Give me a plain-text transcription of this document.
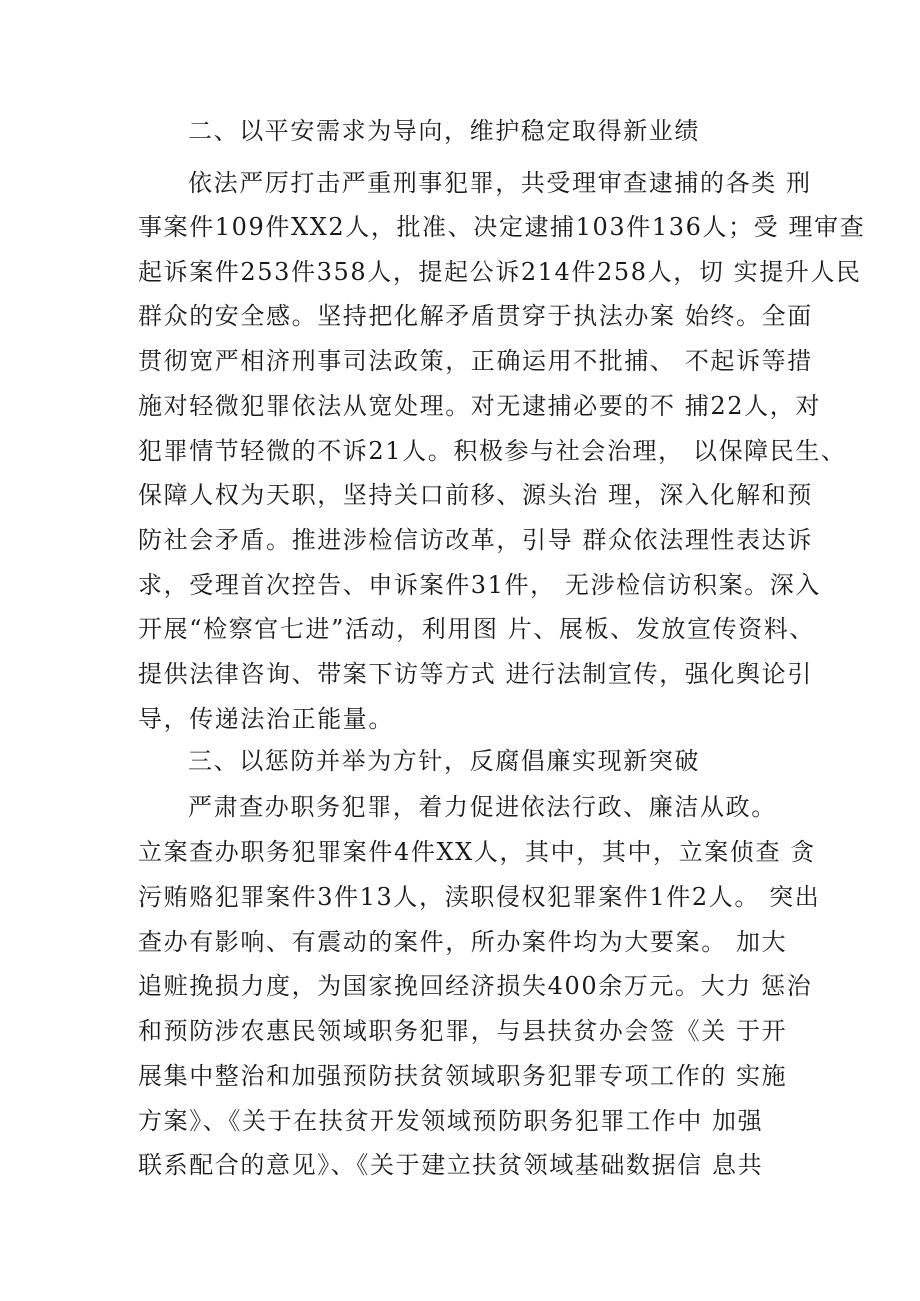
二、以平安需求为导向，维护稳定取得新业绩
依法严厉打击严重刑事犯罪，共受理审查逮捕的各类 刑
事案件109件XX2人，批准、决定逮捕103件136人；受 理审查
起诉案件253件358人，提起公诉214件258人，切 实提升人民
群众的安全感。坚持把化解矛盾贯穿于执法办案 始终。全面
贯彻宽严相济刑事司法政策，正确运用不批捕、 不起诉等措
施对轻微犯罪依法从宽处理。对无逮捕必要的不 捕22人，对
犯罪情节轻微的不诉21人。积极参与社会治理， 以保障民生、
保障人权为天职，坚持关口前移、源头治 理，深入化解和预
防社会矛盾。推进涉检信访改革，引导 群众依法理性表达诉
求，受理首次控告、申诉案件31件， 无涉检信访积案。深入
开展“检察官七进”活动，利用图 片、展板、发放宣传资料、
提供法律咨询、带案下访等方式 进行法制宣传，强化舆论引
导，传递法治正能量。
三、以惩防并举为方针，反腐倡廉实现新突破
严肃查办职务犯罪，着力促进依法行政、廉洁从政。
立案查办职务犯罪案件4件XX人，其中，其中，立案侦查 贪
污贿赂犯罪案件3件13人，渎职侵权犯罪案件1件2人。 突出
查办有影响、有震动的案件，所办案件均为大要案。 加大
追赃挽损力度，为国家挽回经济损失400余万元。大力 惩治
和预防涉农惠民领域职务犯罪，与县扶贫办会签《关 于开
展集中整治和加强预防扶贫领域职务犯罪专项工作的 实施
方案》、《关于在扶贫开发领域预防职务犯罪工作中 加强
联系配合的意见》、《关于建立扶贫领域基础数据信 息共
